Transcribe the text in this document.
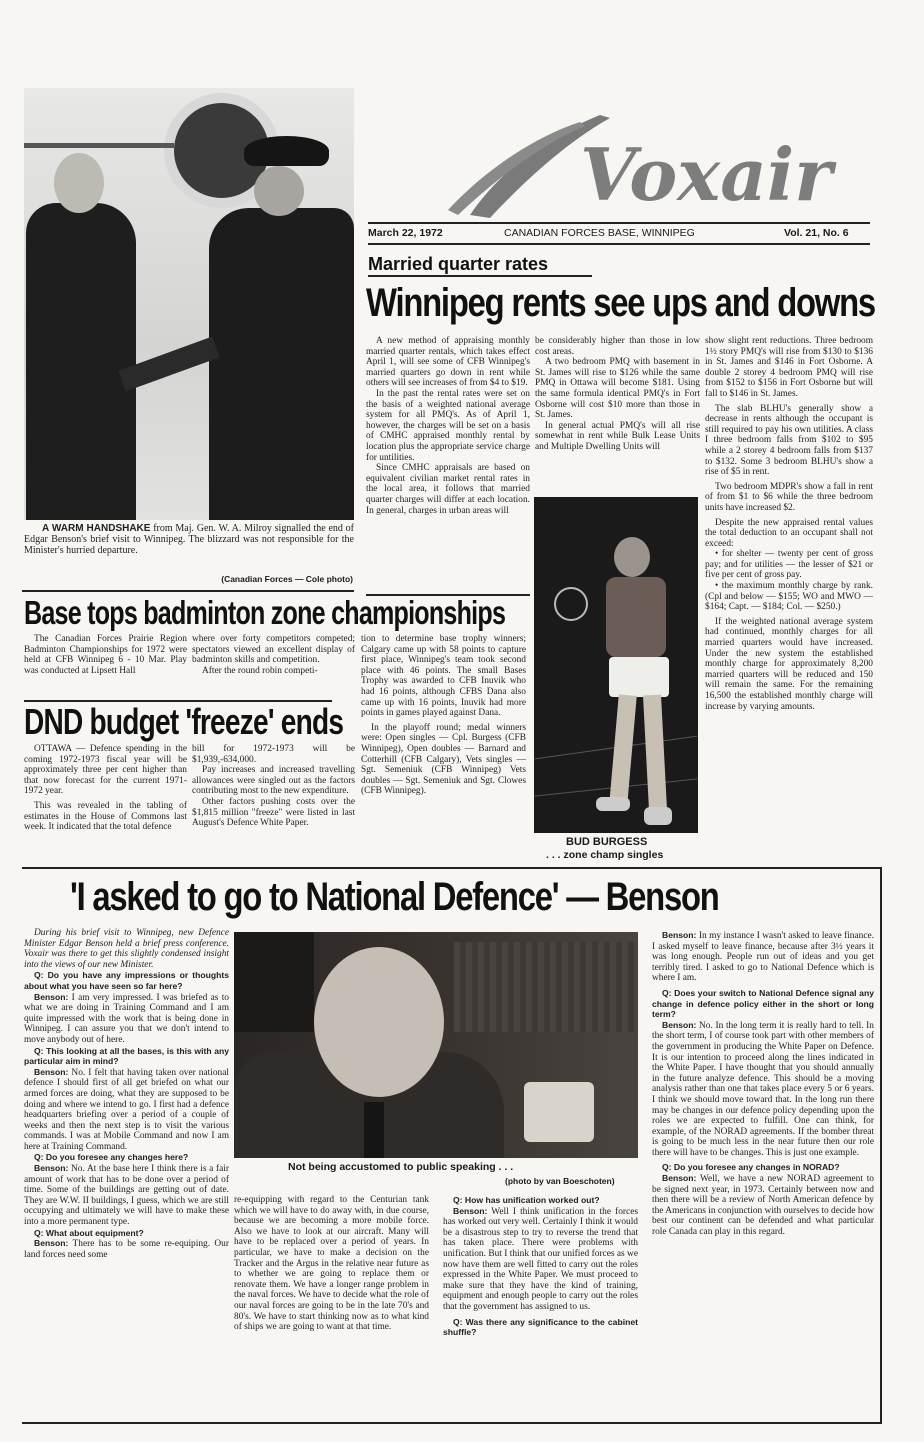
Voxair
March 22, 1972	CANADIAN FORCES BASE, WINNIPEG	Vol. 21, No. 6
A WARM HANDSHAKE from Maj. Gen. W. A. Milroy signalled the end of Edgar Benson's brief visit to Winnipeg. The blizzard was not responsible for the Minister's hurried departure.
(Canadian Forces — Cole photo)
Married quarter rates
Winnipeg rents see ups and downs

A new method of appraising monthly married quarter rentals, which takes effect April 1, will see some of CFB Winnipeg's married quarters go down in rent while others will see increases of from $4 to $19.

In the past the rental rates were set on the basis of a weighted national average system for all PMQ's. As of April 1, however, the charges will be set on a basis of CMHC appraised monthly rental by location plus the appropriate service charge for untilities.

Since CMHC appraisals are based on equivalent civilian market rental rates in the local area, it follows that married quarter charges will differ at each location. In general, charges in urban areas will

be considerably higher than those in low cost areas.

A two bedroom PMQ with basement in St. James will rise to $126 while the same PMQ in Ottawa will become $181. Using the same formula identical PMQ's in Fort Osborne will cost $10 more than those in St. James.

In general actual PMQ's will all rise somewhat in rent while Bulk Lease Units and Multiple Dwelling Units will

show slight rent reductions. Three bedroom 1½ story PMQ's will rise from $130 to $136 in St. James and $146 in Fort Osborne. A double 2 storey 4 bedroom PMQ will rise from $152 to $156 in Fort Osborne but will fall to $146 in St. James.

The slab BLHU's generally show a decrease in rents although the occupant is still required to pay his own utilities. A class I three bedroom falls from $102 to $95 while a 2 storey 4 bedroom falls from $137 to $132. Some 3 bedroom BLHU's show a rise of $5 in rent.

Two bedroom MDPR's show a fall in rent of from $1 to $6 while the three bedroom units have increased $2.

Despite the new appraised rental values the total deduction to an occupant shall not exceed:

• for shelter — twenty per cent of gross pay; and for utilities — the lesser of $21 or five per cent of gross pay.

• the maximum monthly charge by rank. (Cpl and below — $155; WO and MWO — $164; Capt. — $184; Col. — $250.)

If the weighted national average system had continued, monthly charges for all married quarters would have increased. Under the new system the established monthly charge for approximately 8,200 married quarters will be reduced and 150 will remain the same. For the remaining 16,500 the established monthly charge will increase by varying amounts.

Base tops badminton zone championships

The Canadian Forces Prairie Region Badminton Championships for 1972 were held at CFB Winnipeg 6 - 10 Mar. Play was conducted at Lipsett Hall

where over forty competitors competed; spectators viewed an excellent display of badminton skills and competition.

After the round robin competi-

tion to determine base trophy winners; Calgary came up with 58 points to capture first place, Winnipeg's team took second place with 46 points. The small Bases Trophy was awarded to CFB Inuvik who had 16 points, although CFBS Dana also came up with 16 points, Inuvik had more points in games played against Dana.

In the playoff round; medal winners were: Open singles — Cpl. Burgess (CFB Winnipeg), Open doubles — Barnard and Cotterhill (CFB Calgary), Vets singles — Sgt. Semeniuk (CFB Winnipeg) Vets doubles — Sgt. Semeniuk and Sgt. Clowes (CFB Winnipeg).

BUD BURGESS
. . . zone champ singles
DND budget 'freeze' ends

OTTAWA — Defence spending in the coming 1972-1973 fiscal year will be approximately three per cent higher than that now forecast for the current 1971-1972 year.

This was revealed in the tabling of estimates in the House of Commons last week. It indicated that the total defence

bill for 1972-1973 will be $1,939,-634,000.

Pay increases and increased travelling allowances were singled out as the factors contributing most to the new expenditure.

Other factors pushing costs over the $1,815 million "freeze" were listed in last August's Defence White Paper.

'I asked to go to National Defence' — Benson

During his brief visit to Winnipeg, new Defence Minister Edgar Benson held a brief press conference. Voxair was there to get this slightly condensed insight into the views of our new Minister.

Q: Do you have any impressions or thoughts about what you have seen so far here?

Benson: I am very impressed. I was briefed as to what we are doing in Training Command and I am quite impressed with the work that is being done in Winnipeg. I can assure you that we don't intend to move anybody out of here.

Q: This looking at all the bases, is this with any particular aim in mind?

Benson: No. I felt that having taken over national defence I should first of all get briefed on what our armed forces are doing, what they are supposed to be doing and where we intend to go. I first had a defence headquarters briefing over a period of a couple of weeks and then the next step is to visit the various commands. I was at Mobile Command and now I am here at Training Command.

Q: Do you foresee any changes here?

Benson: No. At the base here I think there is a fair amount of work that has to be done over a period of time. Some of the buildings are getting out of date. They are W.W. II buildings, I guess, which we are still occupying and ultimately we will have to make these into a more permanent type.

Q: What about equipment?

Benson: There has to be some re-equiping. Our land forces need some

Not being accustomed to public speaking . . .
(photo by van Boeschoten)

re-equipping with regard to the Centurian tank which we will have to do away with, in due course, because we are becoming a more mobile force. Also we have to look at our aircraft. Many will have to be replaced over a period of years. In particular, we have to make a decision on the Tracker and the Argus in the relative near future as to whether we are going to replace them or renovate them. We have a longer range problem in the naval forces. We have to decide what the role of our naval forces are going to be in the late 70's and 80's. We have to start thinking now as to what kind of ships we are going to want at that time.

Q: How has unification worked out?

Benson: Well I think unification in the forces has worked out very well. Certainly I think it would be a disastrous step to try to reverse the trend that has taken place. There were problems with unification. But I think that our unified forces as we now have them are well fitted to carry out the roles expressed in the White Paper. We must proceed to make sure that they have the kind of training, equipment and enough people to carry out the roles that the government has assigned to us.

Q: Was there any significance to the cabinet shuffle?

Benson: In my instance I wasn't asked to leave finance. I asked myself to leave finance, because after 3½ years it was long enough. People run out of ideas and you get terribly tired. I asked to go to National Defence which is where I am.

Q: Does your switch to National Defence signal any change in defence policy either in the short or long term?

Benson: No. In the long term it is really hard to tell. In the short term, I of course took part with other members of the government in producing the White Paper on Defence. It is our intention to proceed along the lines indicated in the White Paper. I have thought that you should annually in the future analyze defence. This should be a moving analysis rather than one that takes place every 5 or 6 years. I think we should move toward that. In the long run there may be changes in our defence policy depending upon the roles we are expected to fulfill. One can think, for example, of the NORAD agreements. If the bomber threat is going to be much less in the near future then our role there will have to be changes. This is just one example.

Q: Do you foresee any changes in NORAD?

Benson: Well, we have a new NORAD agreement to be signed next year, in 1973. Certainly between now and then there will be a review of North American defence by the Americans in conjunction with ourselves to decide how best our continent can be defended and what particular role Canada can play in this regard.
